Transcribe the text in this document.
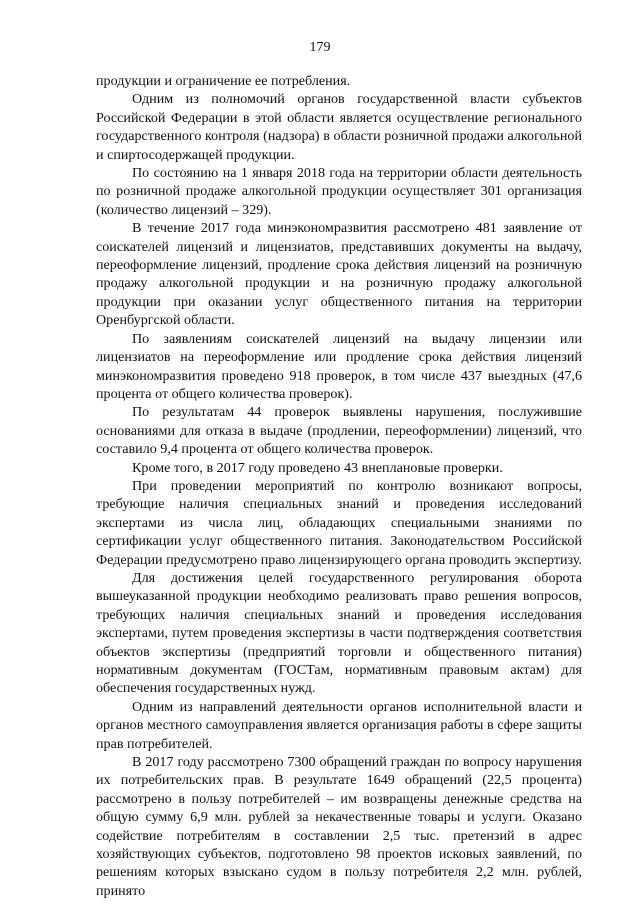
179

продукции и ограничение ее потребления.

Одним из полномочий органов государственной власти субъектов Российской Федерации в этой области является осуществление регионального государственного контроля (надзора) в области розничной продажи алкогольной и спиртосодержащей продукции.

По состоянию на 1 января 2018 года на территории области деятельность по розничной продаже алкогольной продукции осуществляет 301 организация (количество лицензий – 329).

В течение 2017 года минэкономразвития рассмотрено 481 заявление от соискателей лицензий и лицензиатов, представивших документы на выдачу, переоформление лицензий, продление срока действия лицензий на розничную продажу алкогольной продукции и на розничную продажу алкогольной продукции при оказании услуг общественного питания на территории Оренбургской области.

По заявлениям соискателей лицензий на выдачу лицензии или лицензиатов на переоформление или продление срока действия лицензий минэкономразвития проведено 918 проверок, в том числе 437 выездных (47,6 процента от общего количества проверок).

По результатам 44 проверок выявлены нарушения, послужившие основаниями для отказа в выдаче (продлении, переоформлении) лицензий, что составило 9,4 процента от общего количества проверок.

Кроме того, в 2017 году проведено 43 внеплановые проверки.

При проведении мероприятий по контролю возникают вопросы, требующие наличия специальных знаний и проведения исследований экспертами из числа лиц, обладающих специальными знаниями по сертификации услуг общественного питания. Законодательством Российской Федерации предусмотрено право лицензирующего органа проводить экспертизу.

Для достижения целей государственного регулирования оборота вышеуказанной продукции необходимо реализовать право решения вопросов, требующих наличия специальных знаний и проведения исследования экспертами, путем проведения экспертизы в части подтверждения соответствия объектов экспертизы (предприятий торговли и общественного питания) нормативным документам (ГОСТам, нормативным правовым актам) для обеспечения государственных нужд.

Одним из направлений деятельности органов исполнительной власти и органов местного самоуправления является организация работы в сфере защиты прав потребителей.

В 2017 году рассмотрено 7300 обращений граждан по вопросу нарушения их потребительских прав. В результате 1649 обращений (22,5 процента) рассмотрено в пользу потребителей – им возвращены денежные средства на общую сумму 6,9 млн. рублей за некачественные товары и услуги. Оказано содействие потребителям в составлении 2,5 тыс. претензий в адрес хозяйствующих субъектов, подготовлено 98 проектов исковых заявлений, по решениям которых взыскано судом в пользу потребителя 2,2 млн. рублей, принято
